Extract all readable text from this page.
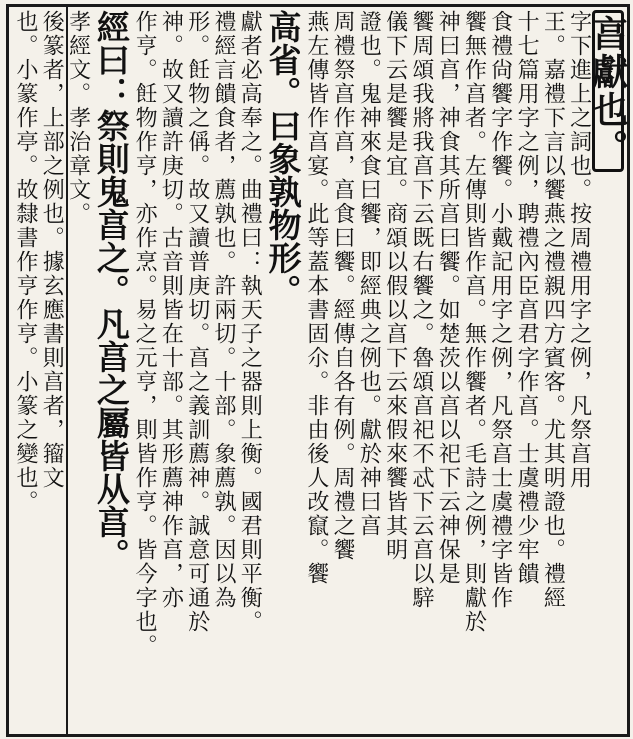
亯獻也。
字下進上之詞也。按周禮用字之例，凡祭亯用
王。嘉禮下言以饗燕之禮親四方賓客。尤其明證也。禮經
十七篇用字之例，聘禮內臣亯君字作亯。士虞禮少牢饋
食禮尙饗字作饗。小戴記用字之例，凡祭亯士虞禮字皆作
饗無作亯者。左傳則皆作亯。無作饗者。毛詩之例，則獻於
神曰亯，神食其所亯曰饗。如楚茨以亯以祀下云神保是
饗周頌我將我亯下云既右饗之。魯頌亯祀不忒下云亯以騂
儀下云是饗是宜。商頌以假以亯下云來假來饗皆其明
證也。鬼神來食曰饗，即經典之例也。獻於神曰亯
周禮祭亯作亯，亯食曰饗。經傳自各有例。周禮之饗
燕左傳皆作亯宴。此等蓋本書固尒。非由後人改竄。饗
高省。曰象孰物形。
獻者必高奉之。曲禮曰：執天子之器則上衡。國君則平衡。
禮經言饋食者，薦孰也。許兩切。十部。象薦孰。因以為
形。飪物之偁。故又讀普庚切。亯之義訓薦神。誠意可通於
神。故又讀許庚切。古音則皆在十部。其形薦神作亯，亦
作亨。飪物作亨，亦作烹。易之元亨，則皆作亨。皆今字也。
經曰：祭則鬼亯之。凡亯之屬皆从亯。
孝經文。孝治章文。
後篆者，上部之例也。據玄應書則亯者，籀文
也。小篆作亭。故隸書作亨作亨。小篆之變也。
